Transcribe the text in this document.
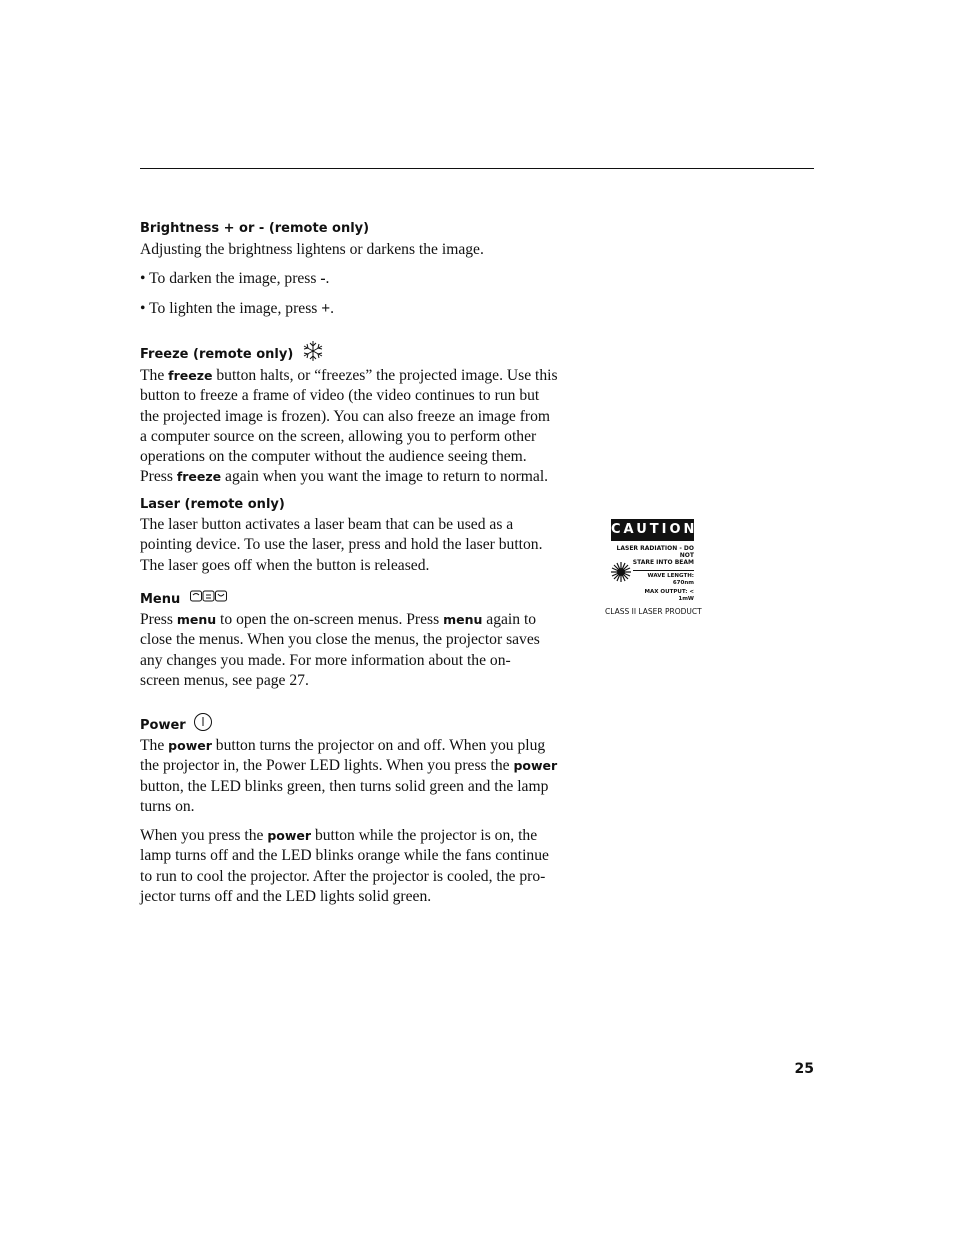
Brightness + or - (remote only)
Adjusting the brightness lightens or darkens the image.
• To darken the image, press -.
• To lighten the image, press +.
Freeze (remote only)
The freeze button halts, or “freezes” the projected image. Use this
button to freeze a frame of video (the video continues to run but
the projected image is frozen). You can also freeze an image from
a computer source on the screen, allowing you to perform other
operations on the computer without the audience seeing them.
Press freeze again when you want the image to return to normal.
Laser (remote only)
The laser button activates a laser beam that can be used as a
pointing device. To use the laser, press and hold the laser button.
The laser goes off when the button is released.
CAUTION
LASER RADIATION - DO NOT
STARE INTO BEAM
WAVE LENGTH: 670nm
MAX OUTPUT: < 1mW
CLASS II LASER PRODUCT
Menu
Press menu to open the on-screen menus. Press menu again to
close the menus. When you close the menus, the projector saves
any changes you made. For more information about the on-
screen menus, see page 27.
Power
The power button turns the projector on and off. When you plug
the projector in, the Power LED lights. When you press the power
button, the LED blinks green, then turns solid green and the lamp
turns on.
When you press the power button while the projector is on, the
lamp turns off and the LED blinks orange while the fans continue
to run to cool the projector. After the projector is cooled, the pro-
jector turns off and the LED lights solid green.
25
